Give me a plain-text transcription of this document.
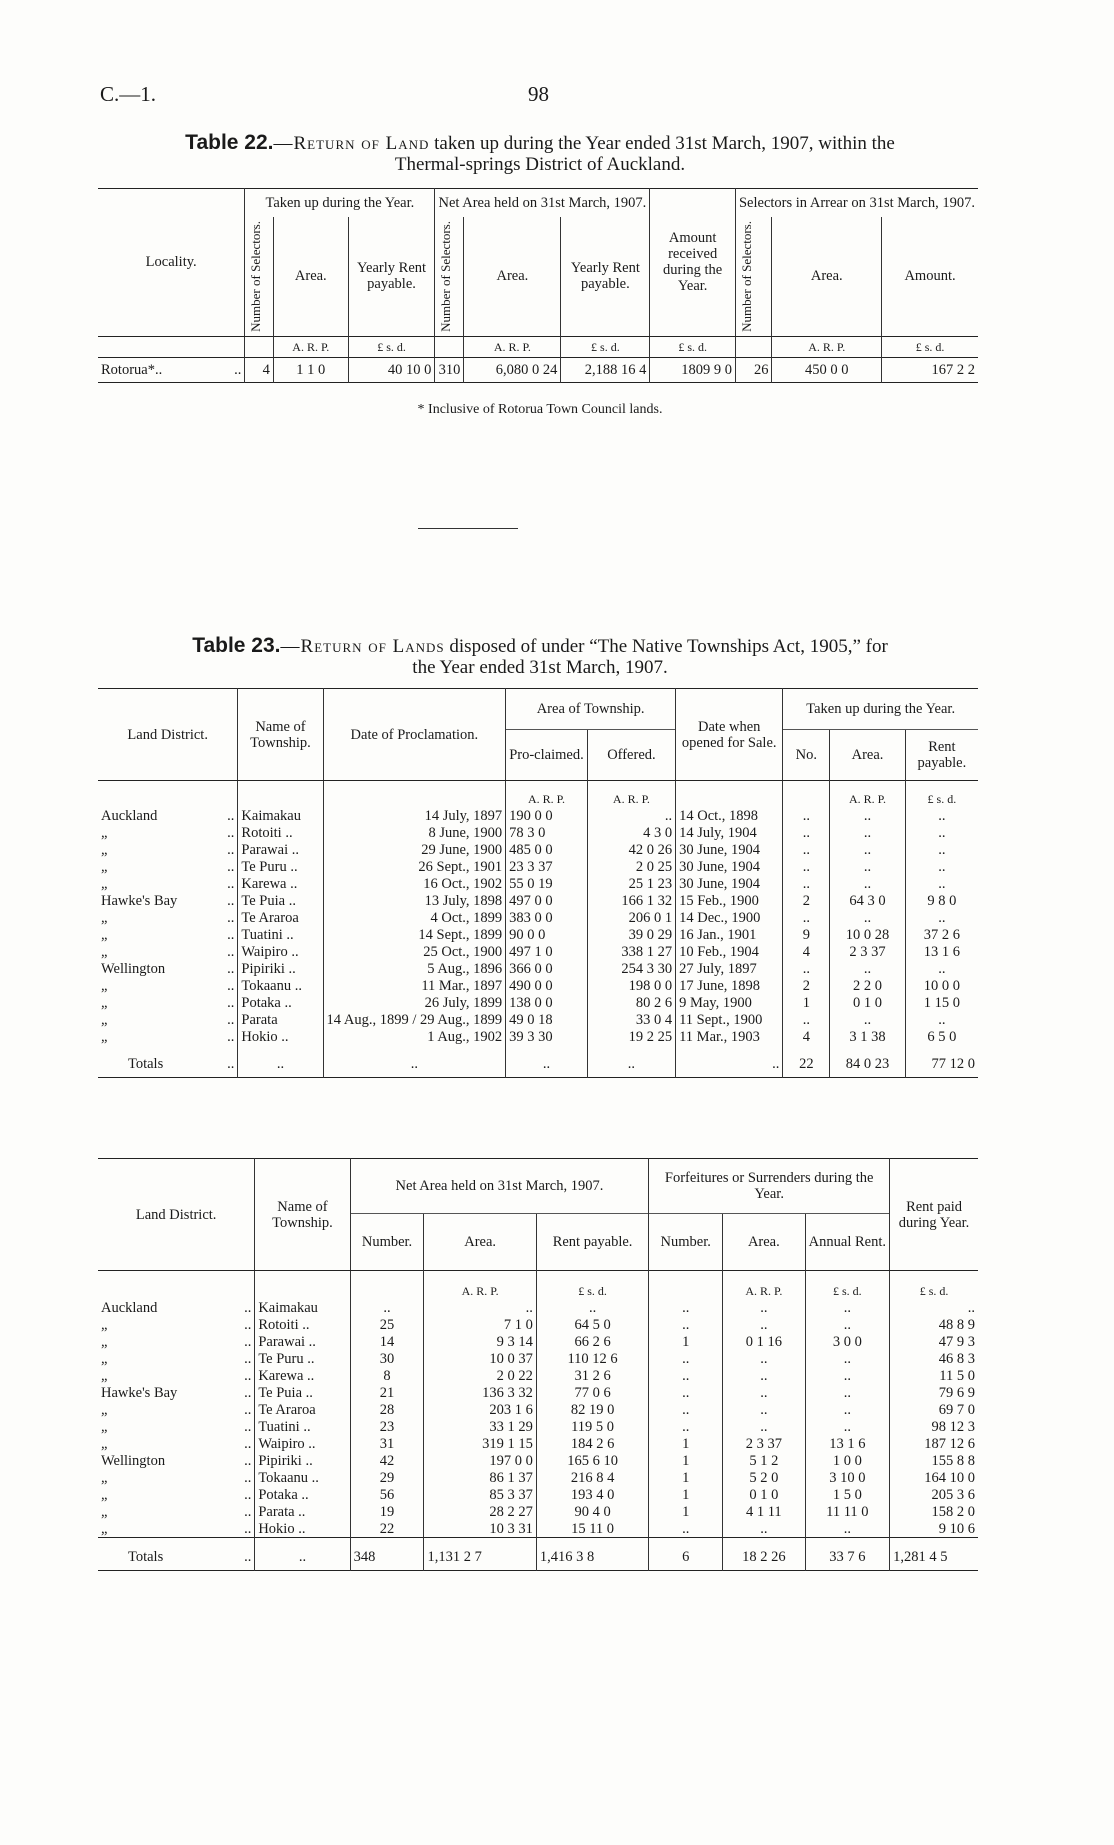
C.—1.	98
Table 22.—Return of Land taken up during the Year ended 31st March, 1907, within the
Thermal-springs District of Auckland.
Locality.	Taken up during the Year.			Net Area held on 31st March, 1907.			Amount received during the Year.	Selectors in Arrear on 31st March, 1907.		

	Number of Selectors.	Area.	Yearly Rent payable.	Number of Selectors.	Area.	Yearly Rent payable.		Number of Selectors.	Area.	Amount.
		A. R. P.	£ s. d.		A. R. P.	£ s. d.	£ s. d.		A. R. P.	£ s. d.
Rotorua*.. ..	4	1 1 0	40 10 0	310	6,080 0 24	2,188 16 4	1809 9 0	26	450 0 0	167 2 2
* Inclusive of Rotorua Town Council lands.
Table 23.—Return of Lands disposed of under “The Native Townships Act, 1905,” for
the Year ended 31st March, 1907.
Land District.	Name of Township.	Date of Proclamation.	Area of Township.		Date when opened for Sale.	Taken up during the Year.		
			Pro-claimed.	Offered.		No.	Area.	Rent payable.
			A. R. P.	A. R. P.			A. R. P.	£ s. d.
Auckland ..	Kaimakau	14 July, 1897	190 0 0	..	14 Oct., 1898	..	..	..
„ ..	Rotoiti ..	8 June, 1900	78 3 0	4 3 0	14 July, 1904	..	..	..
„ ..	Parawai ..	29 June, 1900	485 0 0	42 0 26	30 June, 1904	..	..	..
„ ..	Te Puru ..	26 Sept., 1901	23 3 37	2 0 25	30 June, 1904	..	..	..
„ ..	Karewa ..	16 Oct., 1902	55 0 19	25 1 23	30 June, 1904	..	..	..
Hawke's Bay ..	Te Puia ..	13 July, 1898	497 0 0	166 1 32	15 Feb., 1900	2	64 3 0	9 8 0
„ ..	Te Araroa	4 Oct., 1899	383 0 0	206 0 1	14 Dec., 1900	..	..	..
„ ..	Tuatini ..	14 Sept., 1899	90 0 0	39 0 29	16 Jan., 1901	9	10 0 28	37 2 6
„ ..	Waipiro ..	25 Oct., 1900	497 1 0	338 1 27	10 Feb., 1904	4	2 3 37	13 1 6
Wellington ..	Pipiriki ..	5 Aug., 1896	366 0 0	254 3 30	27 July, 1897	..	..	..
„ ..	Tokaanu ..	11 Mar., 1897	490 0 0	198 0 0	17 June, 1898	2	2 2 0	10 0 0
„ ..	Potaka ..	26 July, 1899	138 0 0	80 2 6	9 May, 1900	1	0 1 0	1 15 0
„ ..	Parata	14 Aug., 1899 / 29 Aug., 1899	49 0 18	33 0 4	11 Sept., 1900	..	..	..
„ ..	Hokio ..	1 Aug., 1902	39 3 30	19 2 25	11 Mar., 1903	4	3 1 38	6 5 0
Totals ..	..	..	..	..	..	22	84 0 23	77 12 0
Land District.	Name of Township.	Net Area held on 31st March, 1907.			Forfeitures or Surrenders during the Year.			Rent paid during Year.
		Number.	Area.	Rent payable.	Number.	Area.	Annual Rent.	
			A. R. P.	£ s. d.		A. R. P.	£ s. d.	£ s. d.
Auckland ..	Kaimakau	..	..	..	..	..	..	..
„ ..	Rotoiti ..	25	7 1 0	64 5 0	..	..	..	48 8 9
„ ..	Parawai ..	14	9 3 14	66 2 6	1	0 1 16	3 0 0	47 9 3
„ ..	Te Puru ..	30	10 0 37	110 12 6	..	..	..	46 8 3
„ ..	Karewa ..	8	2 0 22	31 2 6	..	..	..	11 5 0
Hawke's Bay ..	Te Puia ..	21	136 3 32	77 0 6	..	..	..	79 6 9
„ ..	Te Araroa	28	203 1 6	82 19 0	..	..	..	69 7 0
„ ..	Tuatini ..	23	33 1 29	119 5 0	..	..	..	98 12 3
„ ..	Waipiro ..	31	319 1 15	184 2 6	1	2 3 37	13 1 6	187 12 6
Wellington ..	Pipiriki ..	42	197 0 0	165 6 10	1	5 1 2	1 0 0	155 8 8
„ ..	Tokaanu ..	29	86 1 37	216 8 4	1	5 2 0	3 10 0	164 10 0
„ ..	Potaka ..	56	85 3 37	193 4 0	1	0 1 0	1 5 0	205 3 6
„ ..	Parata ..	19	28 2 27	90 4 0	1	4 1 11	11 11 0	158 2 0
„ ..	Hokio ..	22	10 3 31	15 11 0	..	..	..	9 10 6
Totals ..	..	348	1,131 2 7	1,416 3 8	6	18 2 26	33 7 6	1,281 4 5
